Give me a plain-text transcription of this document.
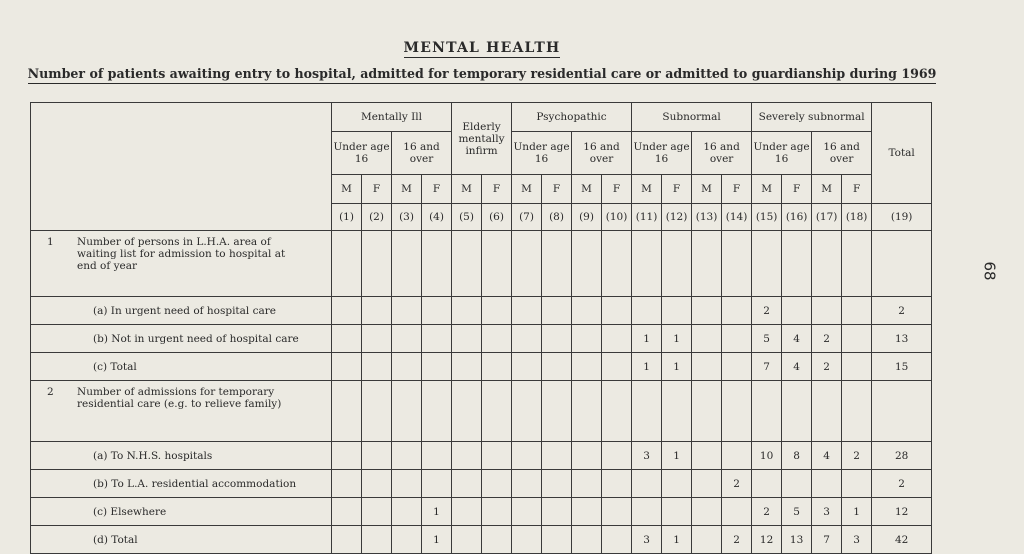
MENTAL HEALTH
Number of patients awaiting entry to hospital, admitted for temporary residential care or admitted to guardianship during 1969
68
	Mentally Ill				Elderly mentally infirm		Psychopathic				Subnormal				Severely subnormal				Total
	Under age 16		16 and over				Under age 16		16 and over		Under age 16		16 and over		Under age 16		16 and over		
	M	F	M	F	M	F	M	F	M	F	M	F	M	F	M	F	M	F	
	(1)	(2)	(3)	(4)	(5)	(6)	(7)	(8)	(9)	(10)	(11)	(12)	(13)	(14)	(15)	(16)	(17)	(18)	(19)

1 Number of persons in L.H.A. area of waiting list for admission to hospital at end of year																			

(a) In urgent need of hospital care															2				2

(b) Not in urgent need of hospital care											1	1			5	4	2		13

(c) Total											1	1			7	4	2		15

2 Number of admissions for temporary residential care (e.g. to relieve family)																			

(a) To N.H.S. hospitals											3	1			10	8	4	2	28

(b) To L.A. residential accommodation														2					2

(c) Elsewhere				1											2	5	3	1	12

(d) Total				1							3	1		2	12	13	7	3	42
